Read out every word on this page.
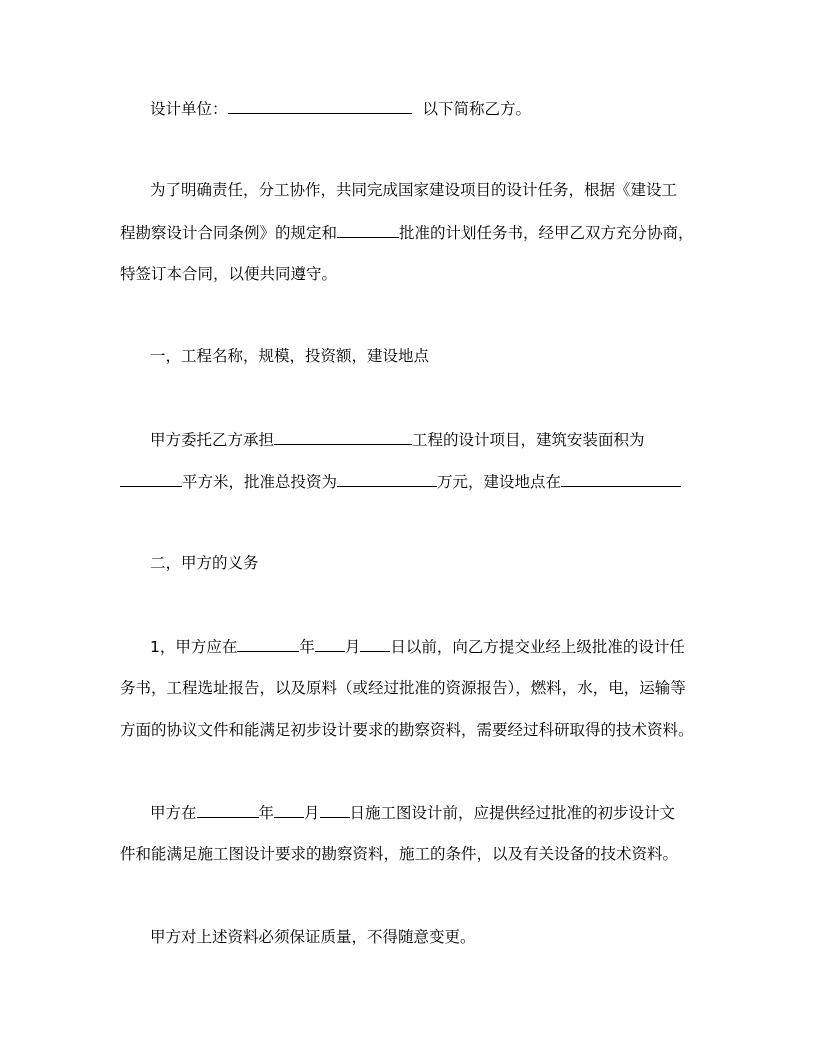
设计单位：	以下简称乙方。
为了明确责任，分工协作，共同完成国家建设项目的设计任务，根据《建设工
程勘察设计合同条例》的规定和	批准的计划任务书，经甲乙双方充分协商，
特签订本合同，以便共同遵守。
一，工程名称，规模，投资额，建设地点
甲方委托乙方承担	工程的设计项目，建筑安装面积为
平方米，批准总投资为	万元，建设地点在
二，甲方的义务
1，甲方应在	年 月 日以前，向乙方提交业经上级批准的设计任
务书，工程选址报告，以及原料（或经过批准的资源报告），燃料，水，电，运输等
方面的协议文件和能满足初步设计要求的勘察资料，需要经过科研取得的技术资料。
甲方在	年 月 日施工图设计前，应提供经过批准的初步设计文
件和能满足施工图设计要求的勘察资料，施工的条件，以及有关设备的技术资料。
甲方对上述资料必须保证质量，不得随意变更。
